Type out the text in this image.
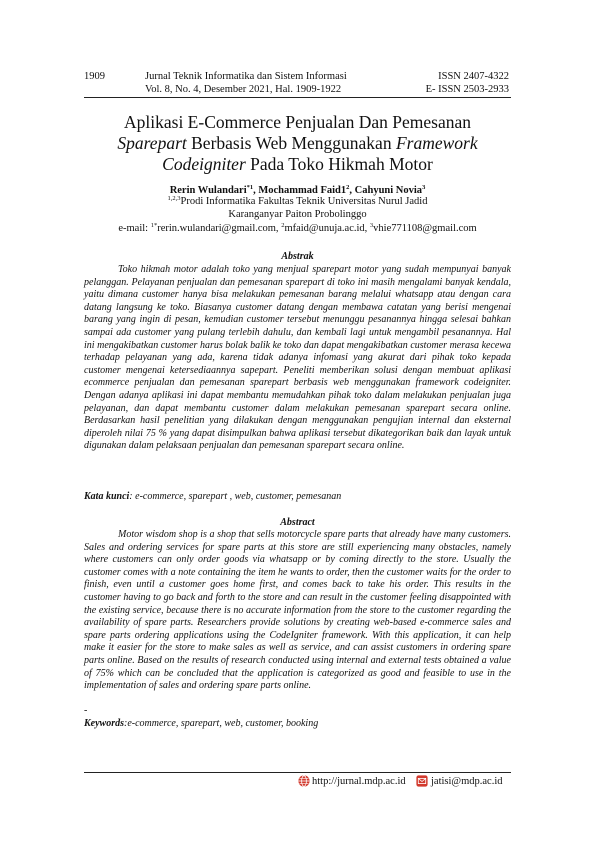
1909	Jurnal Teknik Informatika dan Sistem Informasi
Vol. 8, No. 4, Desember 2021, Hal. 1909-1922
ISSN 2407-4322
E- ISSN 2503-2933
Aplikasi E-Commerce Penjualan Dan Pemesanan
Sparepart Berbasis Web Menggunakan Framework
Codeigniter Pada Toko Hikmah Motor
Rerin Wulandari$^{*1}$, Mochammad $Faid1^2$, Cahyuni Novia$^3$
$^{1,2,3}$Prodi Informatika Fakultas Teknik Universitas Nurul Jadid
Karanganyar Paiton Probolinggo
e-mail: $^{1*}$rerin.wulandari@gmail.com, $^2$mfaid@unuja.ac.id, $^3$vhie771108@gmail.com
Abstrak

Toko hikmah motor adalah toko yang menjual sparepart motor yang sudah mempunyai banyak pelanggan. Pelayanan penjualan dan pemesanan sparepart di toko ini masih mengalami banyak kendala, yaitu dimana customer hanya bisa melakukan pemesanan barang melalui whatsapp atau dengan cara datang langsung ke toko. Biasanya customer datang dengan membawa catatan yang berisi mengenai barang yang ingin di pesan, kemudian customer tersebut menunggu pesanannya hingga selesai bahkan sampai ada customer yang pulang terlebih dahulu, dan kembali lagi untuk mengambil pesanannya. Hal ini mengakibatkan customer harus bolak balik ke toko dan dapat mengakibatkan customer merasa kecewa terhadap pelayanan yang ada, karena tidak adanya infomasi yang akurat dari pihak toko kepada customer mengenai ketersediaannya sapepart. Peneliti memberikan solusi dengan membuat aplikasi ecommerce penjualan dan pemesanan sparepart berbasis web menggunakan framework codeigniter. Dengan adanya aplikasi ini dapat membantu memudahkan pihak toko dalam melakukan penjualan juga pelayanan, dan dapat membantu customer dalam melakukan pemesanan sparepart secara online. Berdasarkan hasil penelitian yang dilakukan dengan menggunakan pengujian internal dan eksternal diperoleh nilai 75 % yang dapat disimpulkan bahwa aplikasi tersebut dikategorikan baik dan layak untuk digunakan dalam pelaksaan penjualan dan pemesanan sparepart secara online.

Kata kunci: e-commerce, sparepart , web, customer, pemesanan
Abstract

Motor wisdom shop is a shop that sells motorcycle spare parts that already have many customers. Sales and ordering services for spare parts at this store are still experiencing many obstacles, namely where customers can only order goods via whatsapp or by coming directly to the store. Usually the customer comes with a note containing the item he wants to order, then the customer waits for the order to finish, even until a customer goes home first, and comes back to take his order. This results in the customer having to go back and forth to the store and can result in the customer feeling disappointed with the existing service, because there is no accurate information from the store to the customer regarding the availability of spare parts. Researchers provide solutions by creating web-based e-commerce sales and spare parts ordering applications using the CodeIgniter framework. With this application, it can help make it easier for the store to make sales as well as service, and can assist customers in ordering spare parts online. Based on the results of research conducted using internal and external tests obtained a value of 75% which can be concluded that the application is categorized as good and feasible to use in the implementation of sales and ordering spare parts online.

-
Keywords:e-commerce, sparepart, web, customer, booking
http://jurnal.mdp.ac.id jatisi@mdp.ac.id
